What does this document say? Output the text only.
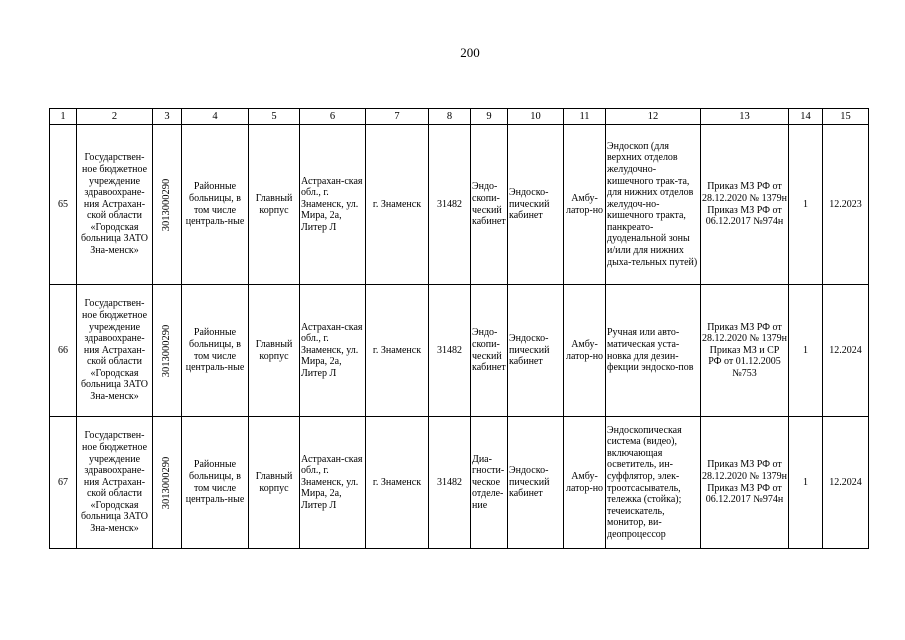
200
1	2	3	4	5	6	7	8	9	10	11	12	13	14	15
65	Государствен-ное бюджетное учреждение здравоохране-ния Астрахан-ской области «Городская больница ЗАТО Зна-менск»	3013000290	Районные больницы, в том числе централь-ные	Главный корпус	Астрахан-ская обл., г. Знаменск, ул. Мира, 2а, Литер Л	г. Знаменск	31482	Эндо-скопи-ческий кабинет	Эндоско-пический кабинет	Амбу-латор-но	Эндоскоп (для верхних отделов желудочно-кишечного трак-та, для нижних отделов желудоч-но-кишечного тракта, панкреато-дуоденальной зоны и/или для нижних дыха-тельных путей)	Приказ МЗ РФ от 28.12.2020 № 1379н Приказ МЗ РФ от 06.12.2017 №974н	1	12.2023
66	Государствен-ное бюджетное учреждение здравоохране-ния Астрахан-ской области «Городская больница ЗАТО Зна-менск»	3013000290	Районные больницы, в том числе централь-ные	Главный корпус	Астрахан-ская обл., г. Знаменск, ул. Мира, 2а, Литер Л	г. Знаменск	31482	Эндо-скопи-ческий кабинет	Эндоско-пический кабинет	Амбу-латор-но	Ручная или авто-матическая уста-новка для дезин-фекции эндоско-пов	Приказ МЗ РФ от 28.12.2020 № 1379н Приказ МЗ и СР РФ от 01.12.2005 №753	1	12.2024
67	Государствен-ное бюджетное учреждение здравоохране-ния Астрахан-ской области «Городская больница ЗАТО Зна-менск»	3013000290	Районные больницы, в том числе централь-ные	Главный корпус	Астрахан-ская обл., г. Знаменск, ул. Мира, 2а, Литер Л	г. Знаменск	31482	Диа-гности-ческое отделе-ние	Эндоско-пический кабинет	Амбу-латор-но	Эндоскопическая система (видео), включающая осветитель, ин-суффлятор, элек-троотсасыватель, тележка (стойка); течеискатель, монитор, ви-деопроцессор	Приказ МЗ РФ от 28.12.2020 № 1379н Приказ МЗ РФ от 06.12.2017 №974н	1	12.2024
